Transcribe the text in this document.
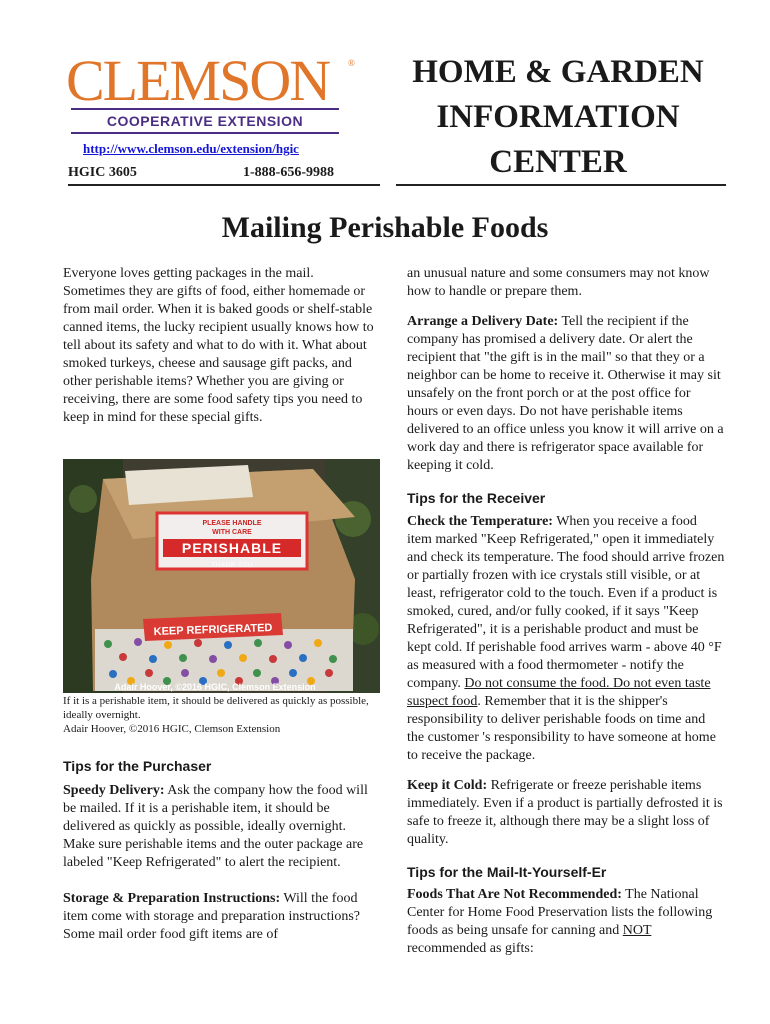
CLEMSON	®
COOPERATIVE EXTENSION
http://www.clemson.edu/extension/hgic
HGIC 3605	1-888-656-9988
HOME & GARDEN
INFORMATION
CENTER
Mailing Perishable Foods

Everyone loves getting packages in the mail. Sometimes they are gifts of food, either homemade or from mail order. When it is baked goods or shelf-stable canned items, the lucky recipient usually knows how to tell about its safety and what to do with it. What about smoked turkeys, cheese and sausage gift packs, and other perishable items? Whether you are giving or receiving, there are some food safety tips you need to keep in mind for these special gifts.

PLEASE HANDLE
WITH CARE
PERISHABLE
THANK YOU
KEEP REFRIGERATED
Adair Hoover, ©2016 HGIC, Clemson Extension
If it is a perishable item, it should be delivered as quickly as possible, ideally overnight.
Adair Hoover, ©2016 HGIC, Clemson Extension
Tips for the Purchaser

Speedy Delivery: Ask the company how the food will be mailed. If it is a perishable item, it should be delivered as quickly as possible, ideally overnight. Make sure perishable items and the outer package are labeled "Keep Refrigerated" to alert the recipient.

Storage & Preparation Instructions: Will the food item come with storage and preparation instructions? Some mail order food gift items are of

an unusual nature and some consumers may not know how to handle or prepare them.

Arrange a Delivery Date: Tell the recipient if the company has promised a delivery date. Or alert the recipient that "the gift is in the mail" so that they or a neighbor can be home to receive it. Otherwise it may sit unsafely on the front porch or at the post office for hours or even days. Do not have perishable items delivered to an office unless you know it will arrive on a work day and there is refrigerator space available for keeping it cold.

Tips for the Receiver

Check the Temperature: When you receive a food item marked "Keep Refrigerated," open it immediately and check its temperature. The food should arrive frozen or partially frozen with ice crystals still visible, or at least, refrigerator cold to the touch. Even if a product is smoked, cured, and/or fully cooked, if it says "Keep Refrigerated", it is a perishable product and must be kept cold. If perishable food arrives warm - above 40 °F as measured with a food thermometer - notify the company. Do not consume the food. Do not even taste suspect food. Remember that it is the shipper's responsibility to deliver perishable foods on time and the customer 's responsibility to have someone at home to receive the package.

Keep it Cold: Refrigerate or freeze perishable items immediately. Even if a product is partially defrosted it is safe to freeze it, although there may be a slight loss of quality.

Tips for the Mail-It-Yourself-Er

Foods That Are Not Recommended: The National Center for Home Food Preservation lists the following foods as being unsafe for canning and NOT recommended as gifts:
